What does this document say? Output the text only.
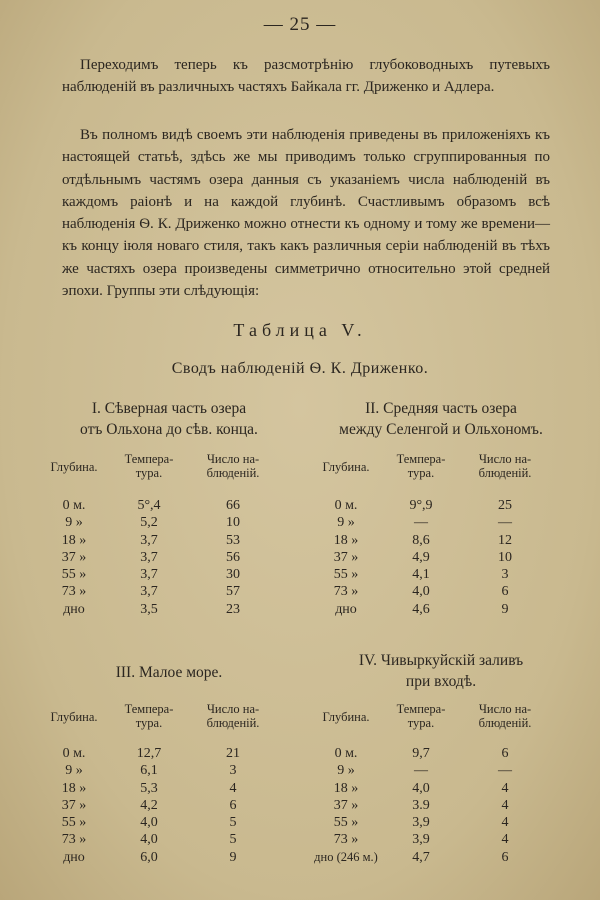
— 25 —
Переходимъ теперь къ разсмотрѣнію глубоководныхъ путевыхъ наблюденій въ различныхъ частяхъ Байкала гг. Дриженко и Адлера.
Въ полномъ видѣ своемъ эти наблюденія приведены въ приложеніяхъ къ настоящей статьѣ, здѣсь же мы приводимъ только сгруппированныя по отдѣльнымъ частямъ озера данныя съ указаніемъ числа наблюденій въ каждомъ раіонѣ и на каждой глубинѣ. Счастливымъ образомъ всѣ наблюденія Ѳ. К. Дриженко можно отнести къ одному и тому же времени—къ концу іюля новаго стиля, такъ какъ различныя серіи наблюденій въ тѣхъ же частяхъ озера произведены симметрично относительно этой средней эпохи. Группы эти слѣдующія:
Таблица V.
Сводъ наблюденій Ѳ. К. Дриженко.
I. Сѣверная часть озера
отъ Ольхона до сѣв. конца.
Глубина.
Темпера-
тура.
Число на-
блюденій.
0 м.	5°,4	66
9 »	5,2	10
18 »	3,7	53
37 »	3,7	56
55 »	3,7	30
73 »	3,7	57
дно	3,5	23
II. Средняя часть озера
между Селенгой и Ольхономъ.
Глубина.
Темпера-
тура.
Число на-
блюденій.
0 м.	9°,9	25
9 »	—	—
18 »	8,6	12
37 »	4,9	10
55 »	4,1	3
73 »	4,0	6
дно	4,6	9
III. Малое море.
Глубина.
Темпера-
тура.
Число на-
блюденій.
0 м.	12,7	21
9 »	6,1	3
18 »	5,3	4
37 »	4,2	6
55 »	4,0	5
73 »	4,0	5
дно	6,0	9
IV. Чивыркуйскій заливъ
при входѣ.
Глубина.
Темпера-
тура.
Число на-
блюденій.
0 м.	9,7	6
9 »	—	—
18 »	4,0	4
37 »	3.9	4
55 »	3,9	4
73 »	3,9	4
дно (246 м.)	4,7	6
